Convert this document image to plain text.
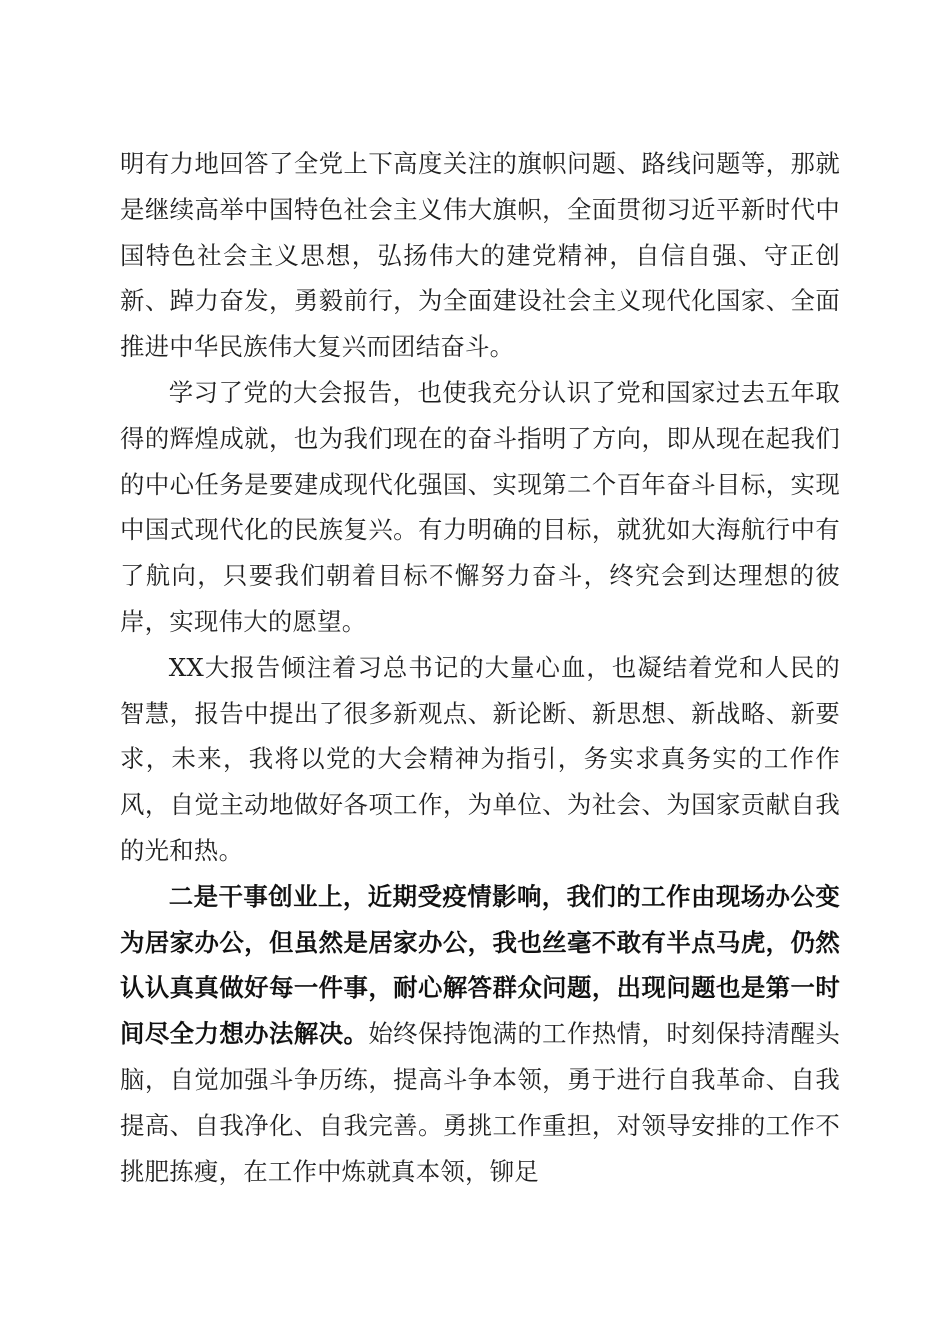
明有力地回答了全党上下高度关注的旗帜问题、路线问题等，那就是继续高举中国特色社会主义伟大旗帜，全面贯彻习近平新时代中国特色社会主义思想，弘扬伟大的建党精神，自信自强、守正创新、踔力奋发，勇毅前行，为全面建设社会主义现代化国家、全面推进中华民族伟大复兴而团结奋斗。

学习了党的大会报告，也使我充分认识了党和国家过去五年取得的辉煌成就，也为我们现在的奋斗指明了方向，即从现在起我们的中心任务是要建成现代化强国、实现第二个百年奋斗目标，实现中国式现代化的民族复兴。有力明确的目标，就犹如大海航行中有了航向，只要我们朝着目标不懈努力奋斗，终究会到达理想的彼岸，实现伟大的愿望。

XX大报告倾注着习总书记的大量心血，也凝结着党和人民的智慧，报告中提出了很多新观点、新论断、新思想、新战略、新要求，未来，我将以党的大会精神为指引，务实求真务实的工作作风，自觉主动地做好各项工作，为单位、为社会、为国家贡献自我的光和热。

二是干事创业上，近期受疫情影响，我们的工作由现场办公变为居家办公，但虽然是居家办公，我也丝毫不敢有半点马虎，仍然认认真真做好每一件事，耐心解答群众问题，出现问题也是第一时间尽全力想办法解决。始终保持饱满的工作热情，时刻保持清醒头脑，自觉加强斗争历练，提高斗争本领，勇于进行自我革命、自我提高、自我净化、自我完善。勇挑工作重担，对领导安排的工作不挑肥拣瘦，在工作中炼就真本领，铆足
